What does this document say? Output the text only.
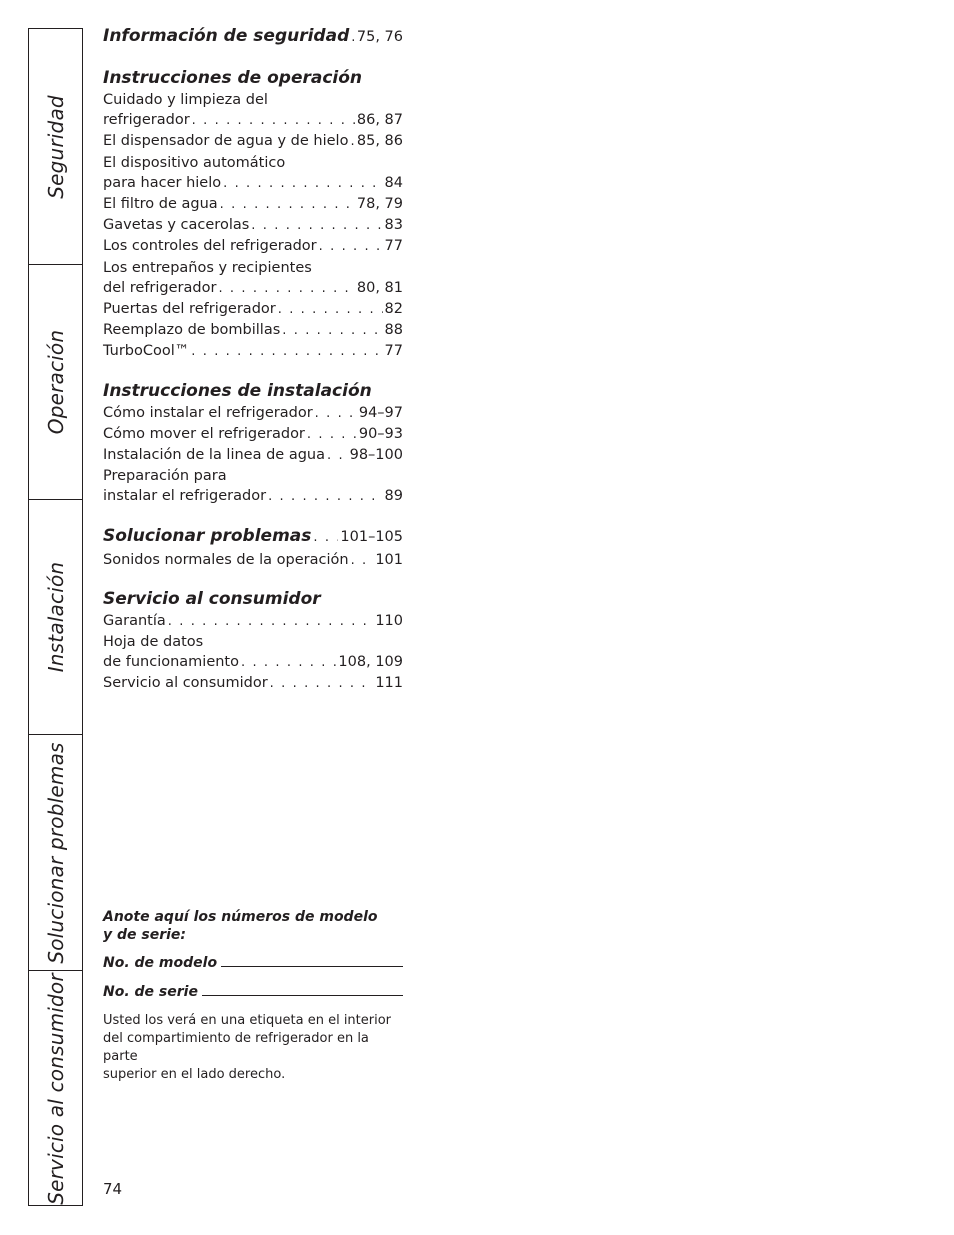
Seguridad
Operación
Instalación
Solucionar problemas
Servicio al consumidor
Información de seguridad . . . 75, 76
Instrucciones de operación
Cuidado y limpieza del
refrigerador . . .	86, 87
El dispensador de agua y de hielo . . . 85, 86
El dispositivo automático
para hacer hielo . . .	84
El filtro de agua . . .	78, 79
Gavetas y cacerolas . . .	83
Los controles del refrigerador . . .	77
Los entrepaños y recipientes
del refrigerador . . .	80, 81
Puertas del refrigerador . . .	82
Reemplazo de bombillas . . .	88
TurboCool™ . . .	77
Instrucciones de instalación
Cómo instalar el refrigerador . . .	94–97
Cómo mover el refrigerador . . .	90–93
Instalación de la linea de agua . . . 98–100
Preparación para
instalar el refrigerador . . .	89
Solucionar problemas . . . 101–105
Sonidos normales de la operación . . . 101
Servicio al consumidor
Garantía . . .	110
Hoja de datos
de funcionamiento . . .	108, 109
Servicio al consumidor . . .	111
Anote aquí los números de modelo
y de serie:
No. de modelo
No. de serie
Usted los verá en una etiqueta en el interior
del compartimiento de refrigerador en la parte
superior en el lado derecho.
74
